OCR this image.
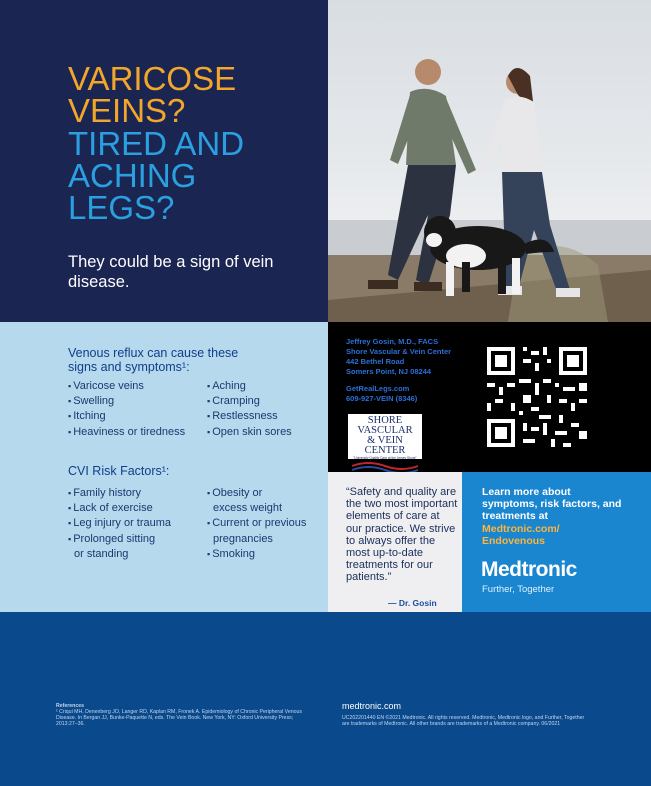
VARICOSE
VEINS?
TIRED AND
ACHING
LEGS?
They could be a sign of vein disease.
Venous reflux can cause these signs and symptoms¹:
▪ Varicose veins
▪ Swelling
▪ Itching
▪ Heaviness or tiredness
▪ Aching
▪ Cramping
▪ Restlessness
▪ Open skin sores
CVI Risk Factors¹:
▪ Family history
▪ Lack of exercise
▪ Leg injury or trauma
▪ Prolonged sitting
or standing
▪ Obesity or
excess weight
▪ Current or previous
pregnancies
▪ Smoking
Jeffrey Gosin, M.D., FACS
Shore Vascular & Vein Center
442 Bethel Road
Somers Point, NJ 08244
GetRealLegs.com
609-927-VEIN (8346)
SHORE VASCULAR
& VEIN CENTER
"University Quality Care at the Jersey Shore"
“Safety and quality are the two most important elements of care at our practice. We strive to always offer the most up-to-date treatments for our patients.”
— Dr. Gosin
Learn more about symptoms, risk factors, and treatments at Medtronic.com/ Endovenous
Medtronic
Further, Together
References
¹ Criqui MH, Denenberg JO, Langer RD, Kaplan RM, Fronek A. Epidemiology of Chronic Peripheral Venous Disease. In Bergan JJ, Bunke-Paquette N, eds. The Vein Book. New York, NY: Oxford University Press; 2013:27–36.
medtronic.com
UC202201440 EN ©2021 Medtronic. All rights reserved. Medtronic, Medtronic logo, and Further, Together are trademarks of Medtronic. All other brands are trademarks of a Medtronic company. 06/2021
